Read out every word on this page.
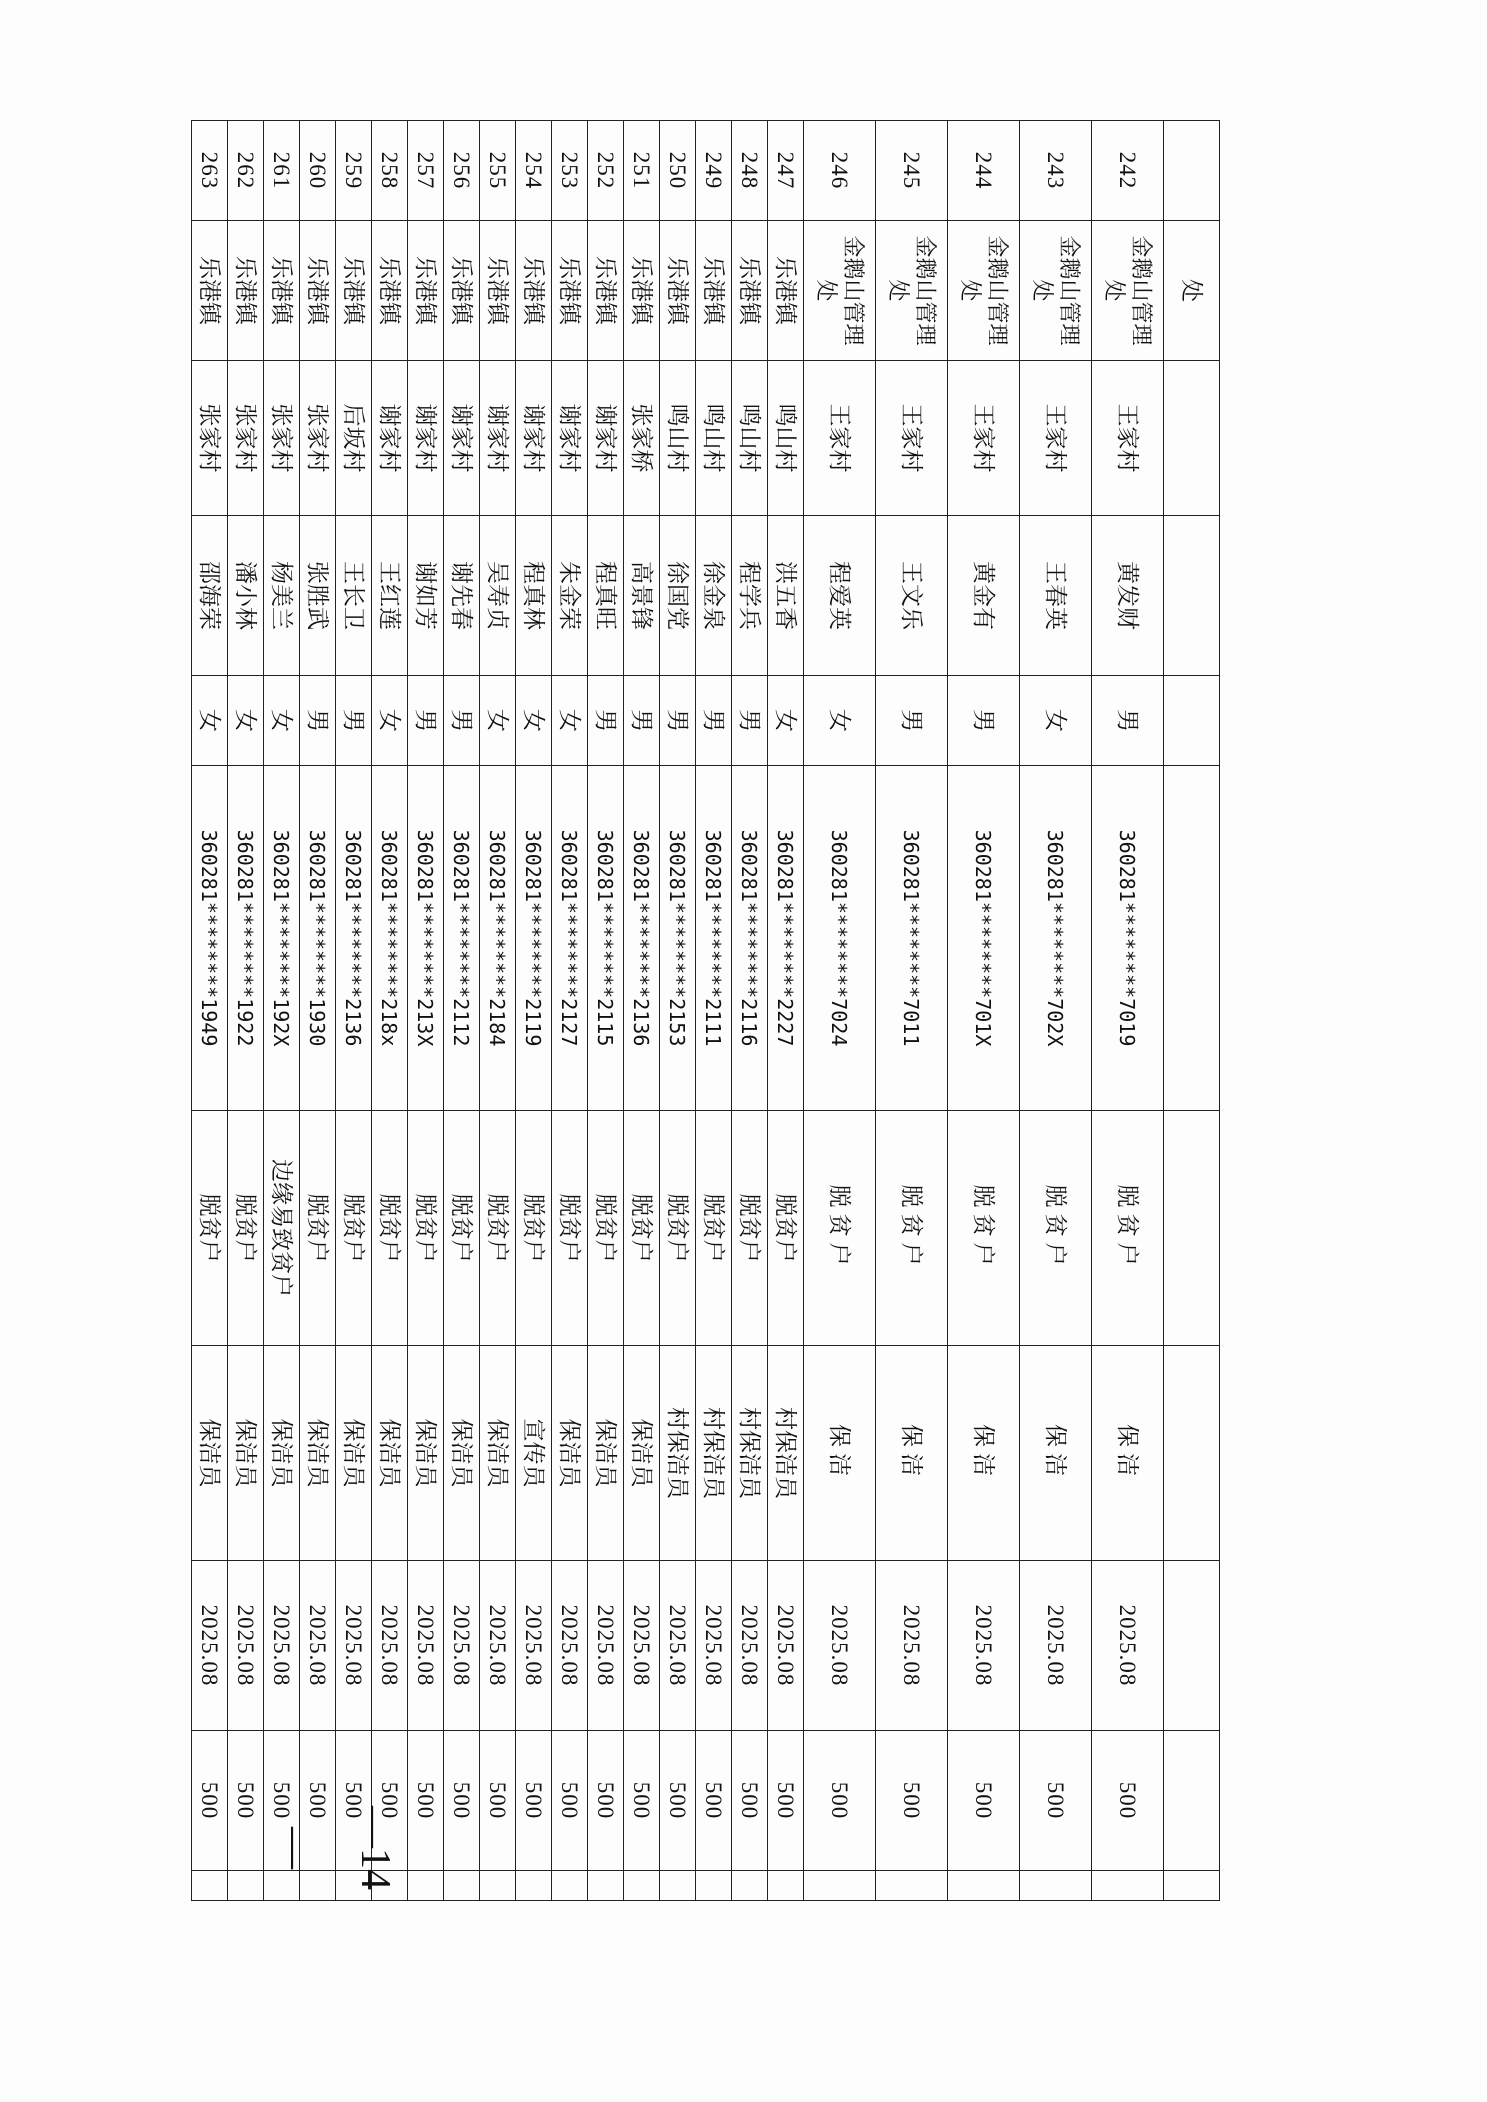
	处									
242	金鹅山管理处	王家村	黄发财	男	360281********7019	脱贫户	保洁	2025.08	500	
243	金鹅山管理处	王家村	王春英	女	360281********702X	脱贫户	保洁	2025.08	500	
244	金鹅山管理处	王家村	黄金有	男	360281********701X	脱贫户	保洁	2025.08	500	
245	金鹅山管理处	王家村	王文乐	男	360281********7011	脱贫户	保洁	2025.08	500	
246	金鹅山管理处	王家村	程爱英	女	360281********7024	脱贫户	保洁	2025.08	500	
247	乐港镇	鸣山村	洪五香	女	360281********2227	脱贫户	村保洁员	2025.08	500	
248	乐港镇	鸣山村	程学兵	男	360281********2116	脱贫户	村保洁员	2025.08	500	
249	乐港镇	鸣山村	徐金泉	男	360281********2111	脱贫户	村保洁员	2025.08	500	
250	乐港镇	鸣山村	徐国党	男	360281********2153	脱贫户	村保洁员	2025.08	500	
251	乐港镇	张家桥	高景锋	男	360281********2136	脱贫户	保洁员	2025.08	500	
252	乐港镇	谢家村	程真旺	男	360281********2115	脱贫户	保洁员	2025.08	500	
253	乐港镇	谢家村	朱金荣	女	360281********2127	脱贫户	保洁员	2025.08	500	
254	乐港镇	谢家村	程真林	女	360281********2119	脱贫户	宣传员	2025.08	500	
255	乐港镇	谢家村	吴寿贞	女	360281********2184	脱贫户	保洁员	2025.08	500	
256	乐港镇	谢家村	谢先春	男	360281********2112	脱贫户	保洁员	2025.08	500	
257	乐港镇	谢家村	谢如芳	男	360281********213X	脱贫户	保洁员	2025.08	500	
258	乐港镇	谢家村	王红莲	女	360281********218x	脱贫户	保洁员	2025.08	500	
259	乐港镇	后坂村	王长卫	男	360281********2136	脱贫户	保洁员	2025.08	500	
260	乐港镇	张家村	张胜武	男	360281********1930	脱贫户	保洁员	2025.08	500	
261	乐港镇	张家村	杨美兰	女	360281********192X	边缘易致贫户	保洁员	2025.08	500	
262	乐港镇	张家村	潘小林	女	360281********1922	脱贫户	保洁员	2025.08	500	
263	乐港镇	张家村	邵海荣	女	360281********1949	脱贫户	保洁员	2025.08	500	
—14—
